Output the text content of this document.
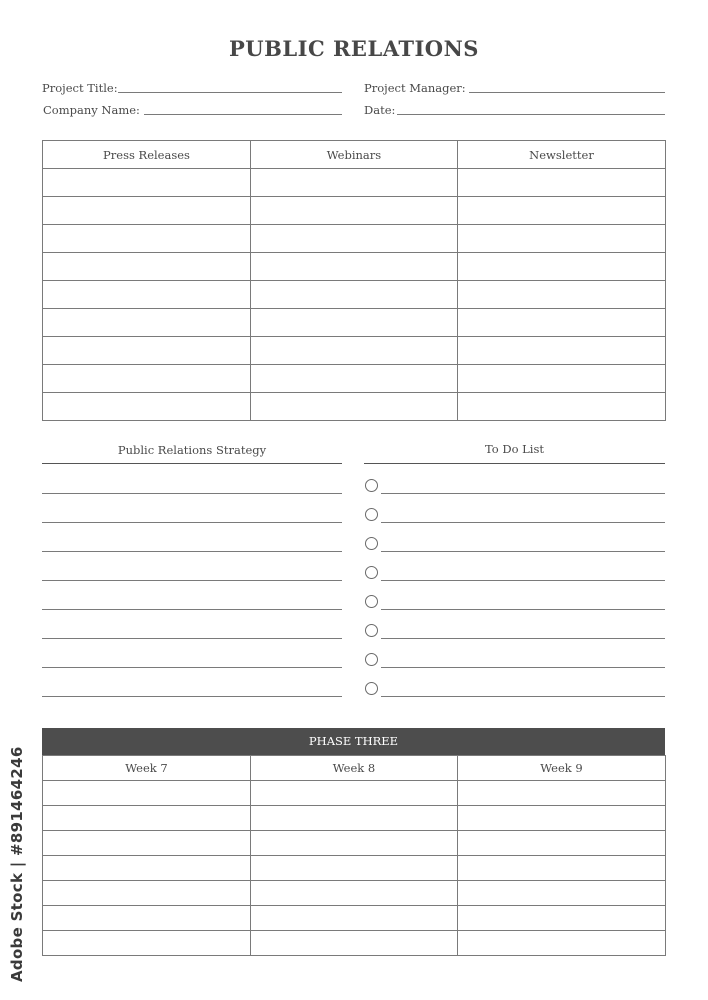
PUBLIC RELATIONS
Project Title:
Company Name:
Project Manager:
Date:
Press Releases	Webinars	Newsletter

Public Relations Strategy	To Do List
PHASE THREE
Week 7	Week 8	Week 9

Adobe Stock | #891464246
